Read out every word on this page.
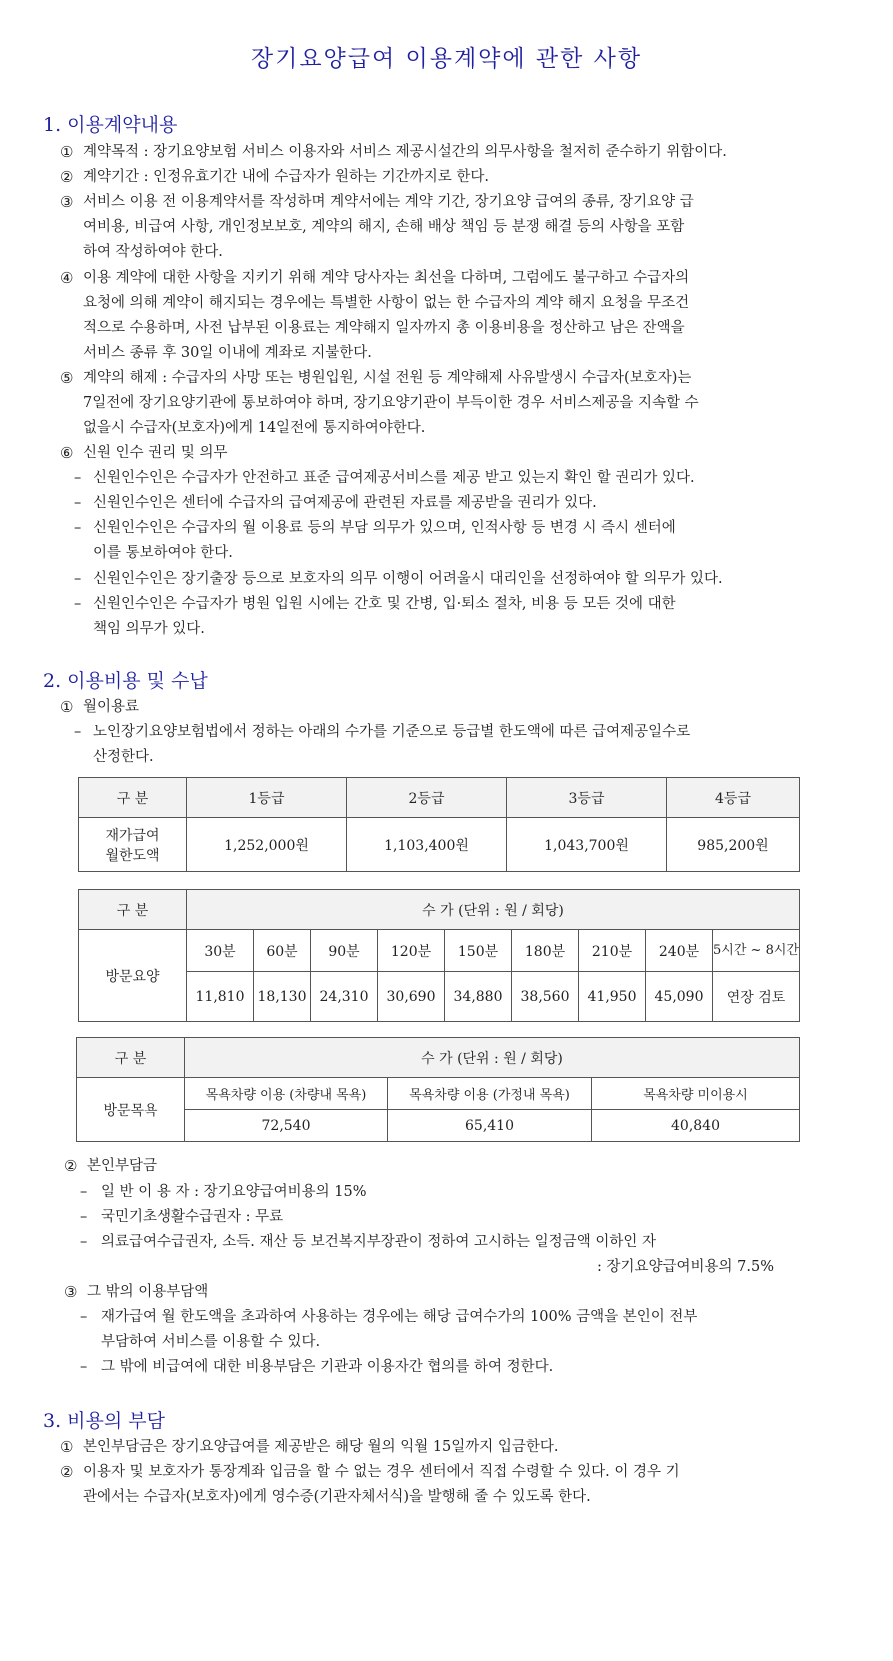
장기요양급여 이용계약에 관한 사항
1. 이용계약내용
① 계약목적 : 장기요양보험 서비스 이용자와 서비스 제공시설간의 의무사항을 철저히 준수하기 위함이다.
② 계약기간 : 인정유효기간 내에 수급자가 원하는 기간까지로 한다.
③ 서비스 이용 전 이용계약서를 작성하며 계약서에는 계약 기간, 장기요양 급여의 종류, 장기요양 급
여비용, 비급여 사항, 개인정보보호, 계약의 해지, 손해 배상 책임 등 분쟁 해결 등의 사항을 포함
하여 작성하여야 한다.
④ 이용 계약에 대한 사항을 지키기 위해 계약 당사자는 최선을 다하며, 그럼에도 불구하고 수급자의
요청에 의해 계약이 해지되는 경우에는 특별한 사항이 없는 한 수급자의 계약 해지 요청을 무조건
적으로 수용하며, 사전 납부된 이용료는 계약해지 일자까지 총 이용비용을 정산하고 남은 잔액을
서비스 종류 후 30일 이내에 계좌로 지불한다.
⑤ 계약의 해제 : 수급자의 사망 또는 병원입원, 시설 전원 등 계약해제 사유발생시 수급자(보호자)는
7일전에 장기요양기관에 통보하여야 하며, 장기요양기관이 부득이한 경우 서비스제공을 지속할 수
없을시 수급자(보호자)에게 14일전에 통지하여야한다.
⑥ 신원 인수 권리 및 의무
– 신원인수인은 수급자가 안전하고 표준 급여제공서비스를 제공 받고 있는지 확인 할 권리가 있다.
– 신원인수인은 센터에 수급자의 급여제공에 관련된 자료를 제공받을 권리가 있다.
– 신원인수인은 수급자의 월 이용료 등의 부담 의무가 있으며, 인적사항 등 변경 시 즉시 센터에
이를 통보하여야 한다.
– 신원인수인은 장기출장 등으로 보호자의 의무 이행이 어려울시 대리인을 선정하여야 할 의무가 있다.
– 신원인수인은 수급자가 병원 입원 시에는 간호 및 간병, 입·퇴소 절차, 비용 등 모든 것에 대한
책임 의무가 있다.
2. 이용비용 및 수납
① 월이용료
– 노인장기요양보험법에서 정하는 아래의 수가를 기준으로 등급별 한도액에 따른 급여제공일수로
산정한다.
구 분	1등급	2등급	3등급	4등급
재가급여
월한도액	1,252,000원	1,103,400원	1,043,700원	985,200원
구 분	수 가 (단위 : 원 / 회당)								
방문요양	30분	60분	90분	120분	150분	180분	210분	240분	5시간 ~ 8시간
	11,810	18,130	24,310	30,690	34,880	38,560	41,950	45,090	연장 검토
구 분	수 가 (단위 : 원 / 회당)		
방문목욕	목욕차량 이용 (차량내 목욕)	목욕차량 이용 (가정내 목욕)	목욕차량 미이용시
	72,540	65,410	40,840
② 본인부담금
– 일 반 이 용 자 : 장기요양급여비용의 15%
– 국민기초생활수급권자 : 무료
– 의료급여수급권자, 소득. 재산 등 보건복지부장관이 정하여 고시하는 일정금액 이하인 자
: 장기요양급여비용의 7.5%
③ 그 밖의 이용부담액
– 재가급여 월 한도액을 초과하여 사용하는 경우에는 해당 급여수가의 100% 금액을 본인이 전부
부담하여 서비스를 이용할 수 있다.
– 그 밖에 비급여에 대한 비용부담은 기관과 이용자간 협의를 하여 정한다.
3. 비용의 부담
① 본인부담금은 장기요양급여를 제공받은 해당 월의 익월 15일까지 입금한다.
② 이용자 및 보호자가 통장계좌 입금을 할 수 없는 경우 센터에서 직접 수령할 수 있다. 이 경우 기
관에서는 수급자(보호자)에게 영수증(기관자체서식)을 발행해 줄 수 있도록 한다.
